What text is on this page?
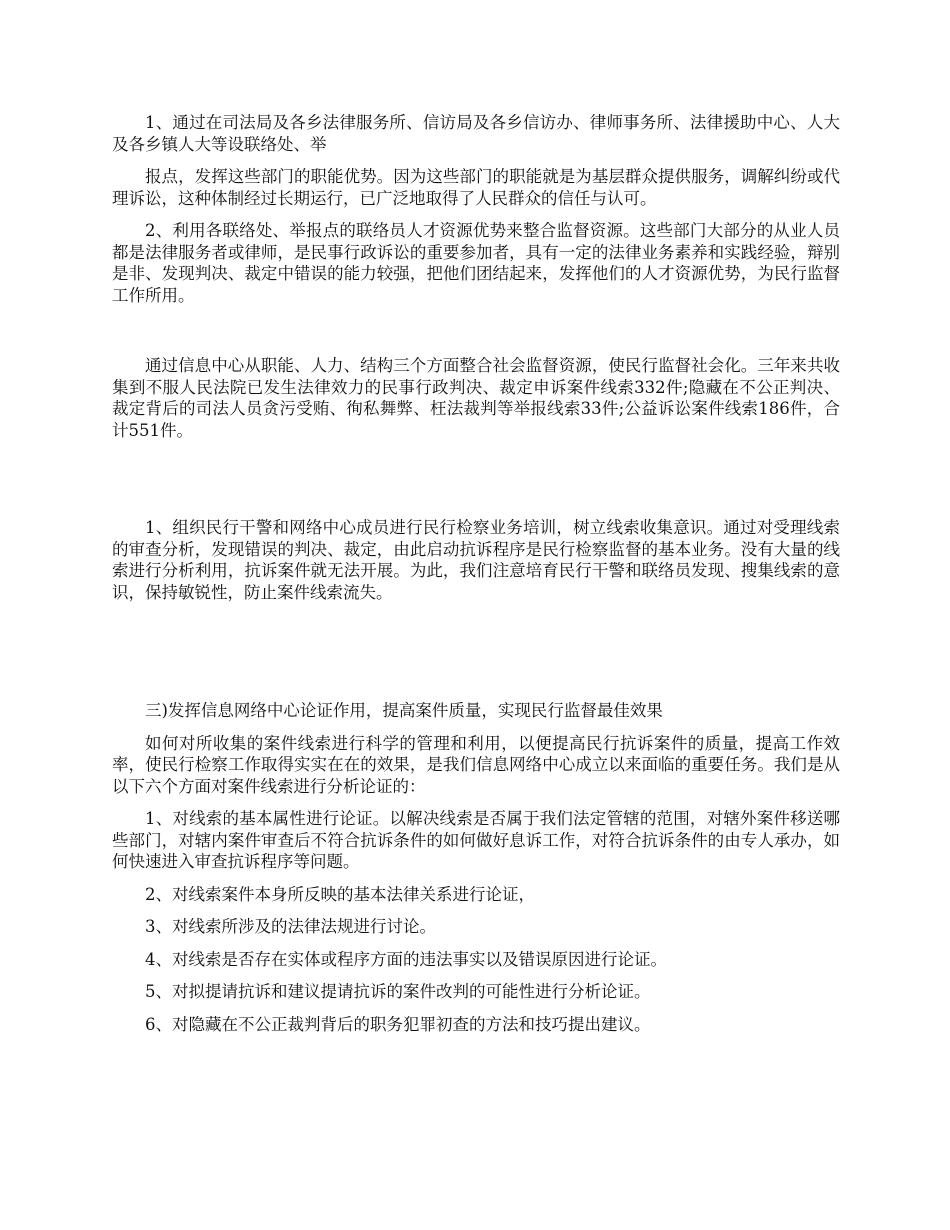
1、通过在司法局及各乡法律服务所、信访局及各乡信访办、律师事务所、法律援助中心、人大及各乡镇人大等设联络处、举

报点，发挥这些部门的职能优势。因为这些部门的职能就是为基层群众提供服务，调解纠纷或代理诉讼，这种体制经过长期运行，已广泛地取得了人民群众的信任与认可。

2、利用各联络处、举报点的联络员人才资源优势来整合监督资源。这些部门大部分的从业人员都是法律服务者或律师，是民事行政诉讼的重要参加者，具有一定的法律业务素养和实践经验，辩别是非、发现判决、裁定中错误的能力较强，把他们团结起来，发挥他们的人才资源优势，为民行监督工作所用。

通过信息中心从职能、人力、结构三个方面整合社会监督资源，使民行监督社会化。三年来共收集到不服人民法院已发生法律效力的民事行政判决、裁定申诉案件线索332件;隐藏在不公正判决、裁定背后的司法人员贪污受贿、徇私舞弊、枉法裁判等举报线索33件;公益诉讼案件线索186件，合计551件。

1、组织民行干警和网络中心成员进行民行检察业务培训，树立线索收集意识。通过对受理线索的审查分析，发现错误的判决、裁定，由此启动抗诉程序是民行检察监督的基本业务。没有大量的线索进行分析利用，抗诉案件就无法开展。为此，我们注意培育民行干警和联络员发现、搜集线索的意识，保持敏锐性，防止案件线索流失。

三)发挥信息网络中心论证作用，提高案件质量，实现民行监督最佳效果

如何对所收集的案件线索进行科学的管理和利用，以便提高民行抗诉案件的质量，提高工作效率，使民行检察工作取得实实在在的效果，是我们信息网络中心成立以来面临的重要任务。我们是从以下六个方面对案件线索进行分析论证的：

1、对线索的基本属性进行论证。以解决线索是否属于我们法定管辖的范围，对辖外案件移送哪些部门，对辖内案件审查后不符合抗诉条件的如何做好息诉工作，对符合抗诉条件的由专人承办，如何快速进入审查抗诉程序等问题。

2、对线索案件本身所反映的基本法律关系进行论证，

3、对线索所涉及的法律法规进行讨论。

4、对线索是否存在实体或程序方面的违法事实以及错误原因进行论证。

5、对拟提请抗诉和建议提请抗诉的案件改判的可能性进行分析论证。

6、对隐藏在不公正裁判背后的职务犯罪初查的方法和技巧提出建议。
